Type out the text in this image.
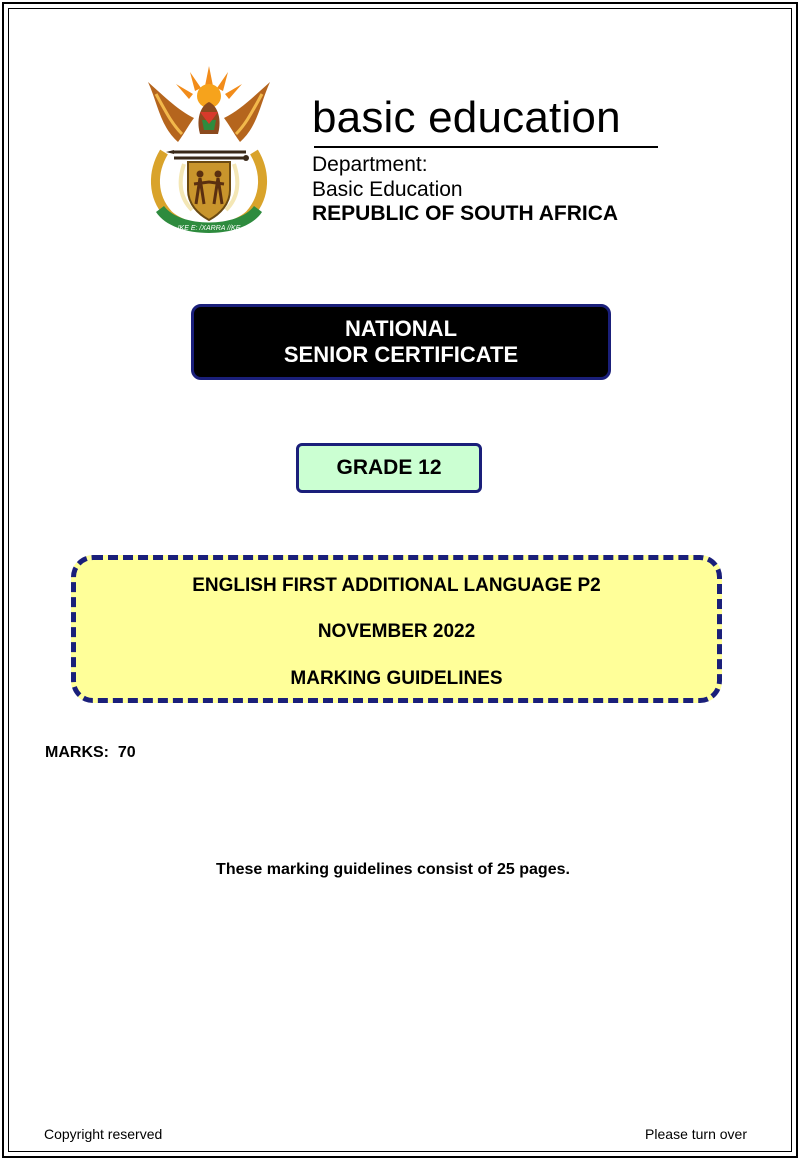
!KE E: /XARRA //KE
basic education
Department:
Basic Education
REPUBLIC OF SOUTH AFRICA
NATIONAL
SENIOR CERTIFICATE
GRADE 12
ENGLISH FIRST ADDITIONAL LANGUAGE P2
NOVEMBER 2022
MARKING GUIDELINES
MARKS:  70
These marking guidelines consist of 25 pages.
Copyright reserved	Please turn over
